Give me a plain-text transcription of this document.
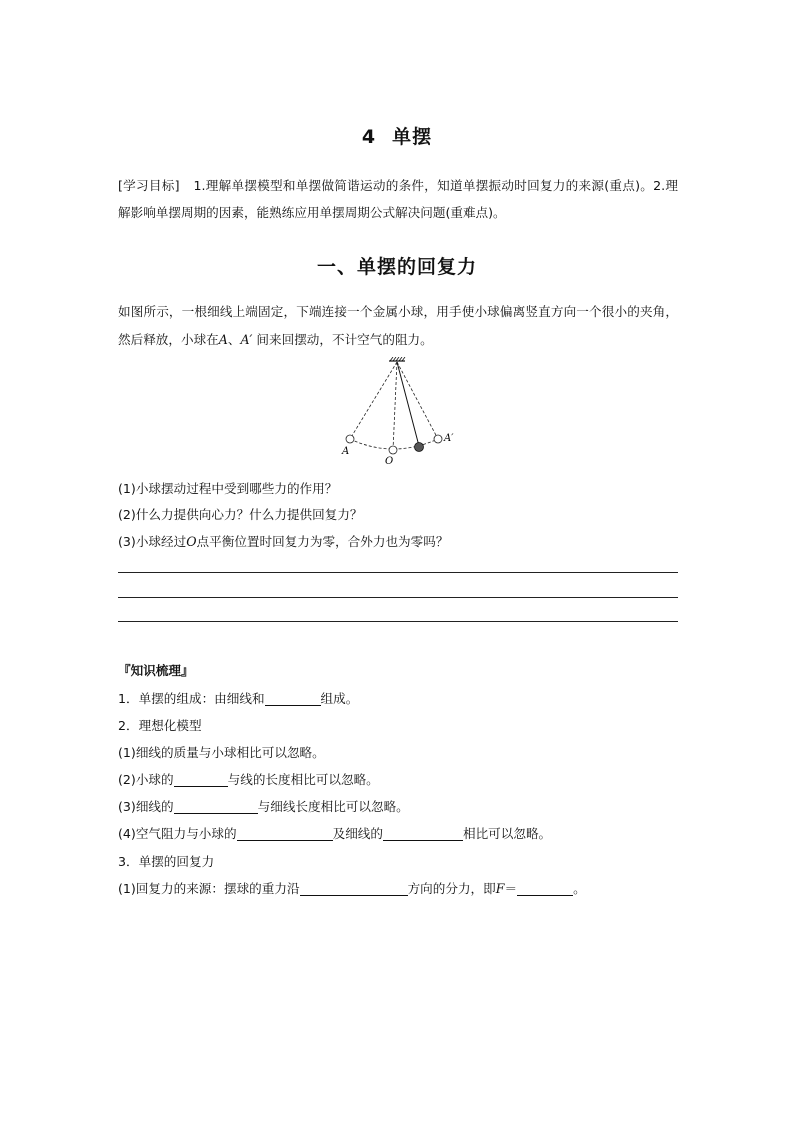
4 单摆
[学习目标] 1.理解单摆模型和单摆做简谐运动的条件，知道单摆振动时回复力的来源(重点)。2.理解影响单摆周期的因素，能熟练应用单摆周期公式解决问题(重难点)。
一、单摆的回复力
如图所示，一根细线上端固定，下端连接一个金属小球，用手使小球偏离竖直方向一个很小的夹角，然后释放，小球在A、A′ 间来回摆动，不计空气的阻力。
A
O
A′
(1)小球摆动过程中受到哪些力的作用？
(2)什么力提供向心力？什么力提供回复力？
(3)小球经过O点平衡位置时回复力为零，合外力也为零吗？
『知识梳理』
1．单摆的组成：由细线和	组成。
2．理想化模型
(1)细线的质量与小球相比可以忽略。
(2)小球的	与线的长度相比可以忽略。
(3)细线的	与细线长度相比可以忽略。
(4)空气阻力与小球的	及细线的	相比可以忽略。
3．单摆的回复力
(1)回复力的来源：摆球的重力沿	方向的分力，即F＝	。
